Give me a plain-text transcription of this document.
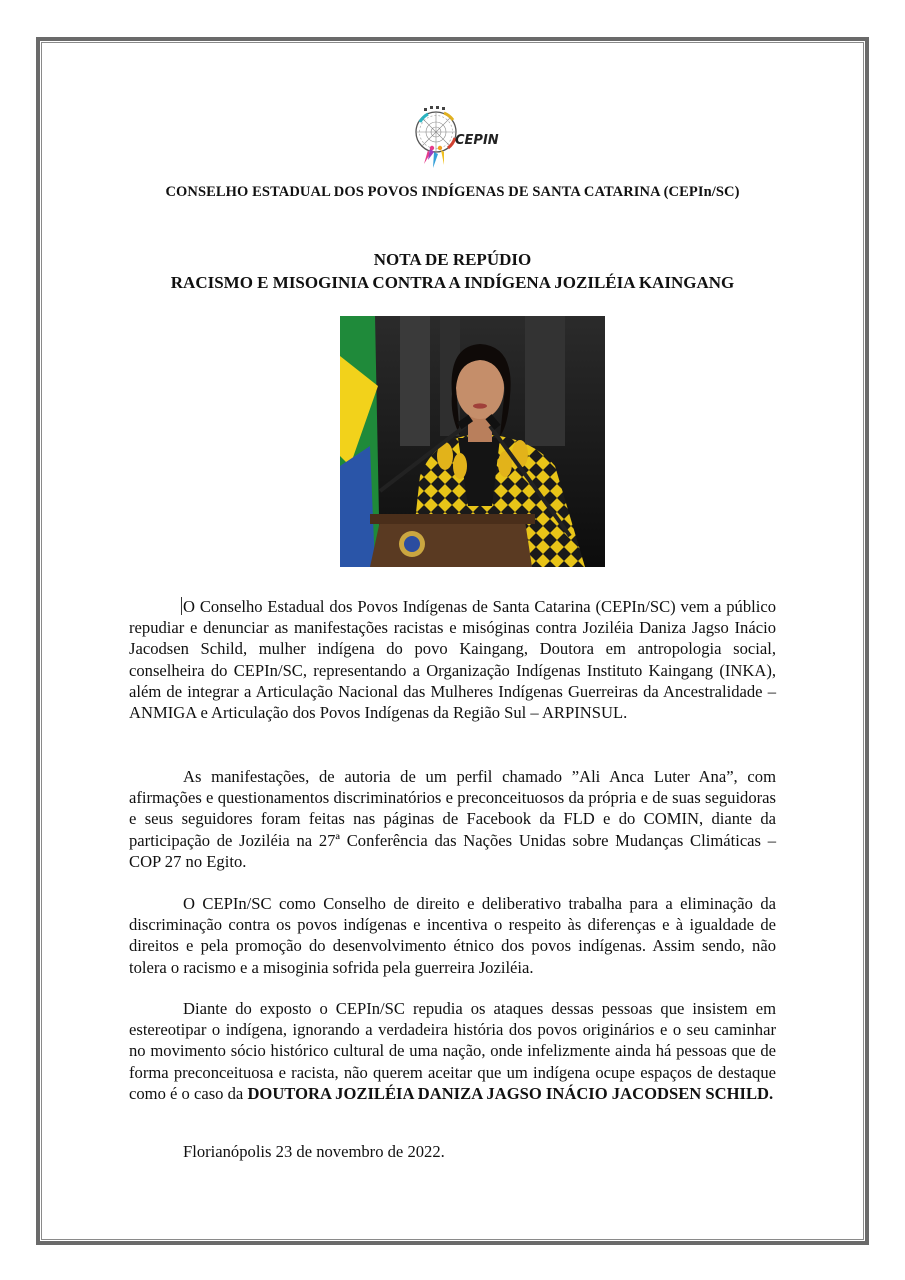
CEPIN
CONSELHO ESTADUAL DOS POVOS INDÍGENAS DE SANTA CATARINA (CEPIn/SC)
NOTA DE REPÚDIO
RACISMO E MISOGINIA CONTRA A INDÍGENA JOZILÉIA KAINGANG

O Conselho Estadual dos Povos Indígenas de Santa Catarina (CEPIn/SC) vem a público repudiar e denunciar as manifestações racistas e misóginas contra Joziléia Daniza Jagso Inácio Jacodsen Schild, mulher indígena do povo Kaingang, Doutora em antropologia social, conselheira do CEPIn/SC, representando a Organização Indígenas Instituto Kaingang (INKA), além de integrar a Articulação Nacional das Mulheres Indígenas Guerreiras da Ancestralidade – ANMIGA e Articulação dos Povos Indígenas da Região Sul – ARPINSUL.

As manifestações, de autoria de um perfil chamado ”Ali Anca Luter Ana”, com afirmações e questionamentos discriminatórios e preconceituosos da própria e de suas seguidoras e seus seguidores foram feitas nas páginas de Facebook da FLD e do COMIN, diante da participação de Joziléia na 27ª Conferência das Nações Unidas sobre Mudanças Climáticas – COP 27 no Egito.

O CEPIn/SC como Conselho de direito e deliberativo trabalha para a eliminação da discriminação contra os povos indígenas e incentiva o respeito às diferenças e à igualdade de direitos e pela promoção do desenvolvimento étnico dos povos indígenas. Assim sendo, não tolera o racismo e a misoginia sofrida pela guerreira Joziléia.

Diante do exposto o CEPIn/SC repudia os ataques dessas pessoas que insistem em estereotipar o indígena, ignorando a verdadeira história dos povos originários e o seu caminhar no movimento sócio histórico cultural de uma nação, onde infelizmente ainda há pessoas que de forma preconceituosa e racista, não querem aceitar que um indígena ocupe espaços de destaque como é o caso da DOUTORA JOZILÉIA DANIZA JAGSO INÁCIO JACODSEN SCHILD.

Florianópolis 23 de novembro de 2022.
